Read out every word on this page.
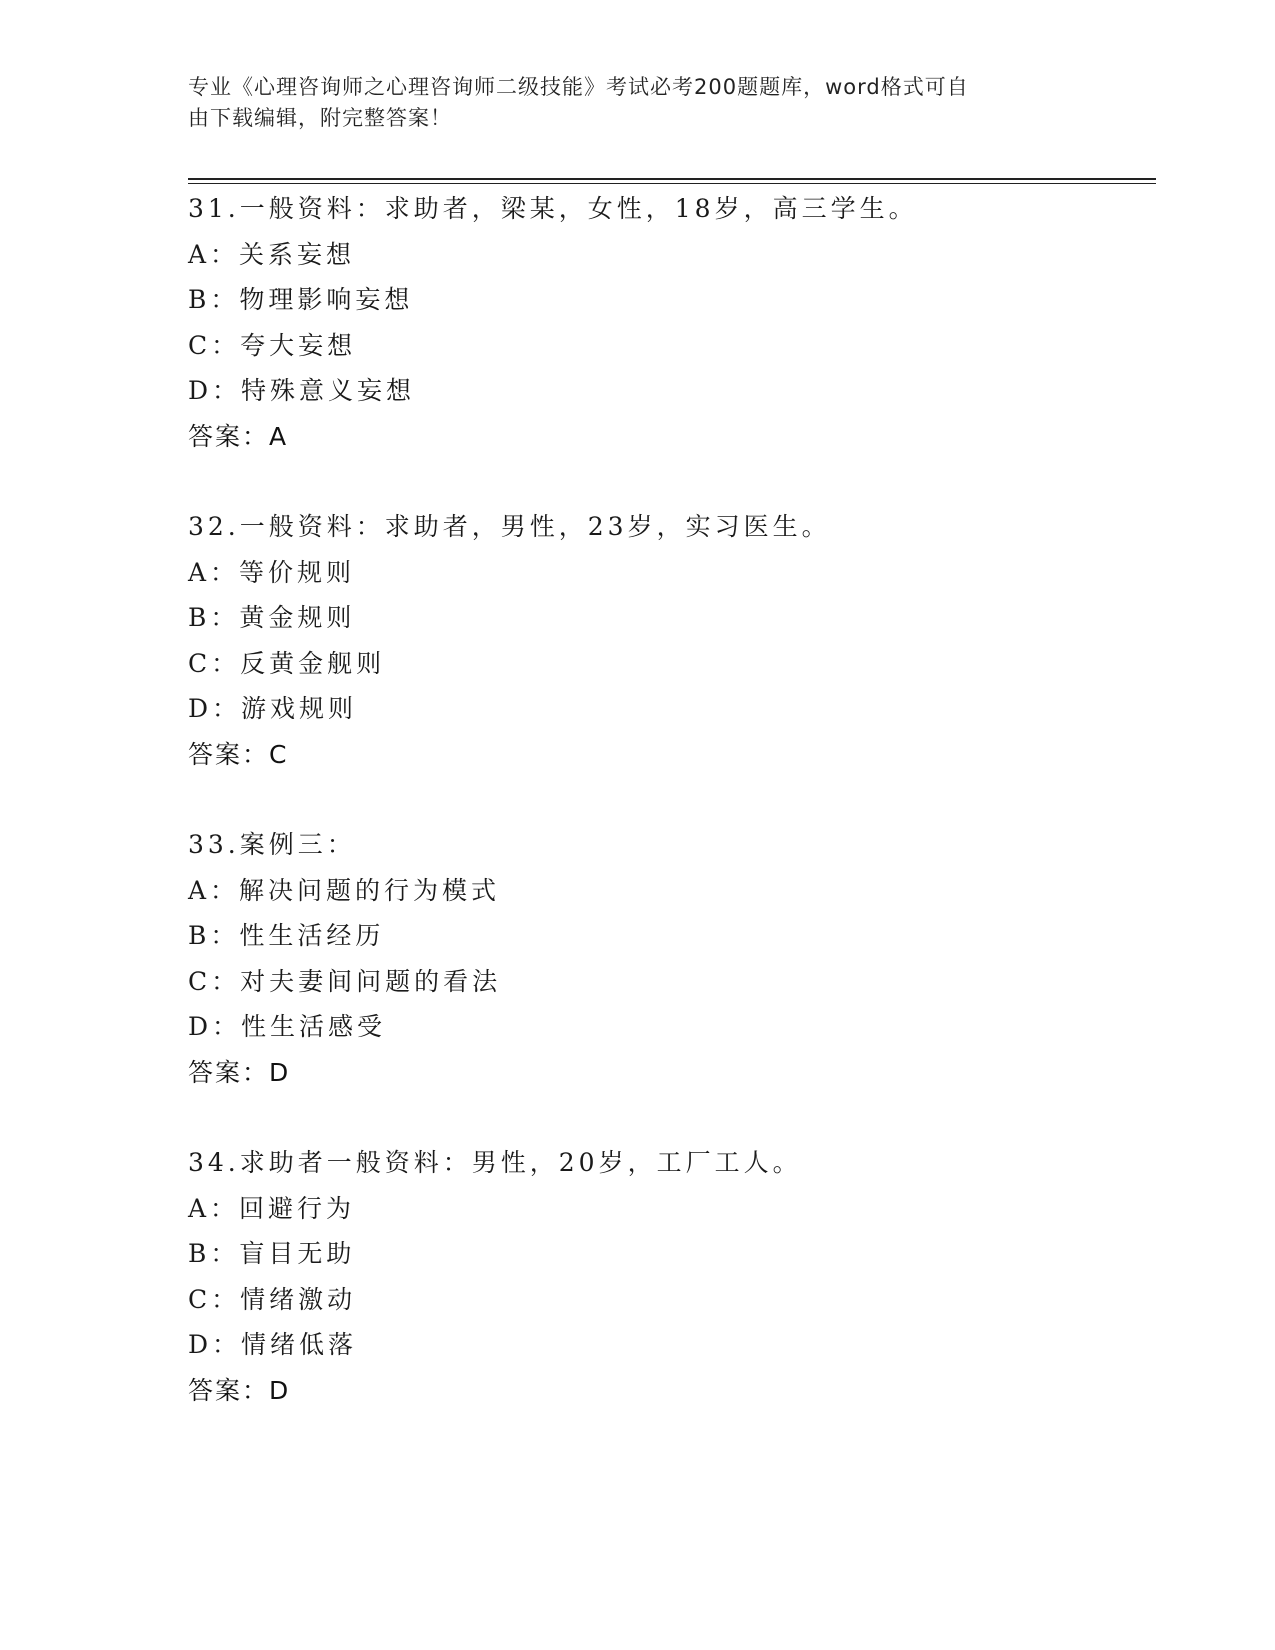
专业《心理咨询师之心理咨询师二级技能》考试必考200题题库，word格式可自
由下载编辑，附完整答案！
31.一般资料：求助者，梁某，女性，18岁，高三学生。
A：关系妄想
B：物理影响妄想
C：夸大妄想
D：特殊意义妄想
答案：A
32.一般资料：求助者，男性，23岁，实习医生。
A：等价规则
B：黄金规则
C：反黄金舰则
D：游戏规则
答案：C
33.案例三：
A：解决问题的行为模式
B：性生活经历
C：对夫妻间问题的看法
D：性生活感受
答案：D
34.求助者一般资料：男性，20岁，工厂工人。
A：回避行为
B：盲目无助
C：情绪激动
D：情绪低落
答案：D
